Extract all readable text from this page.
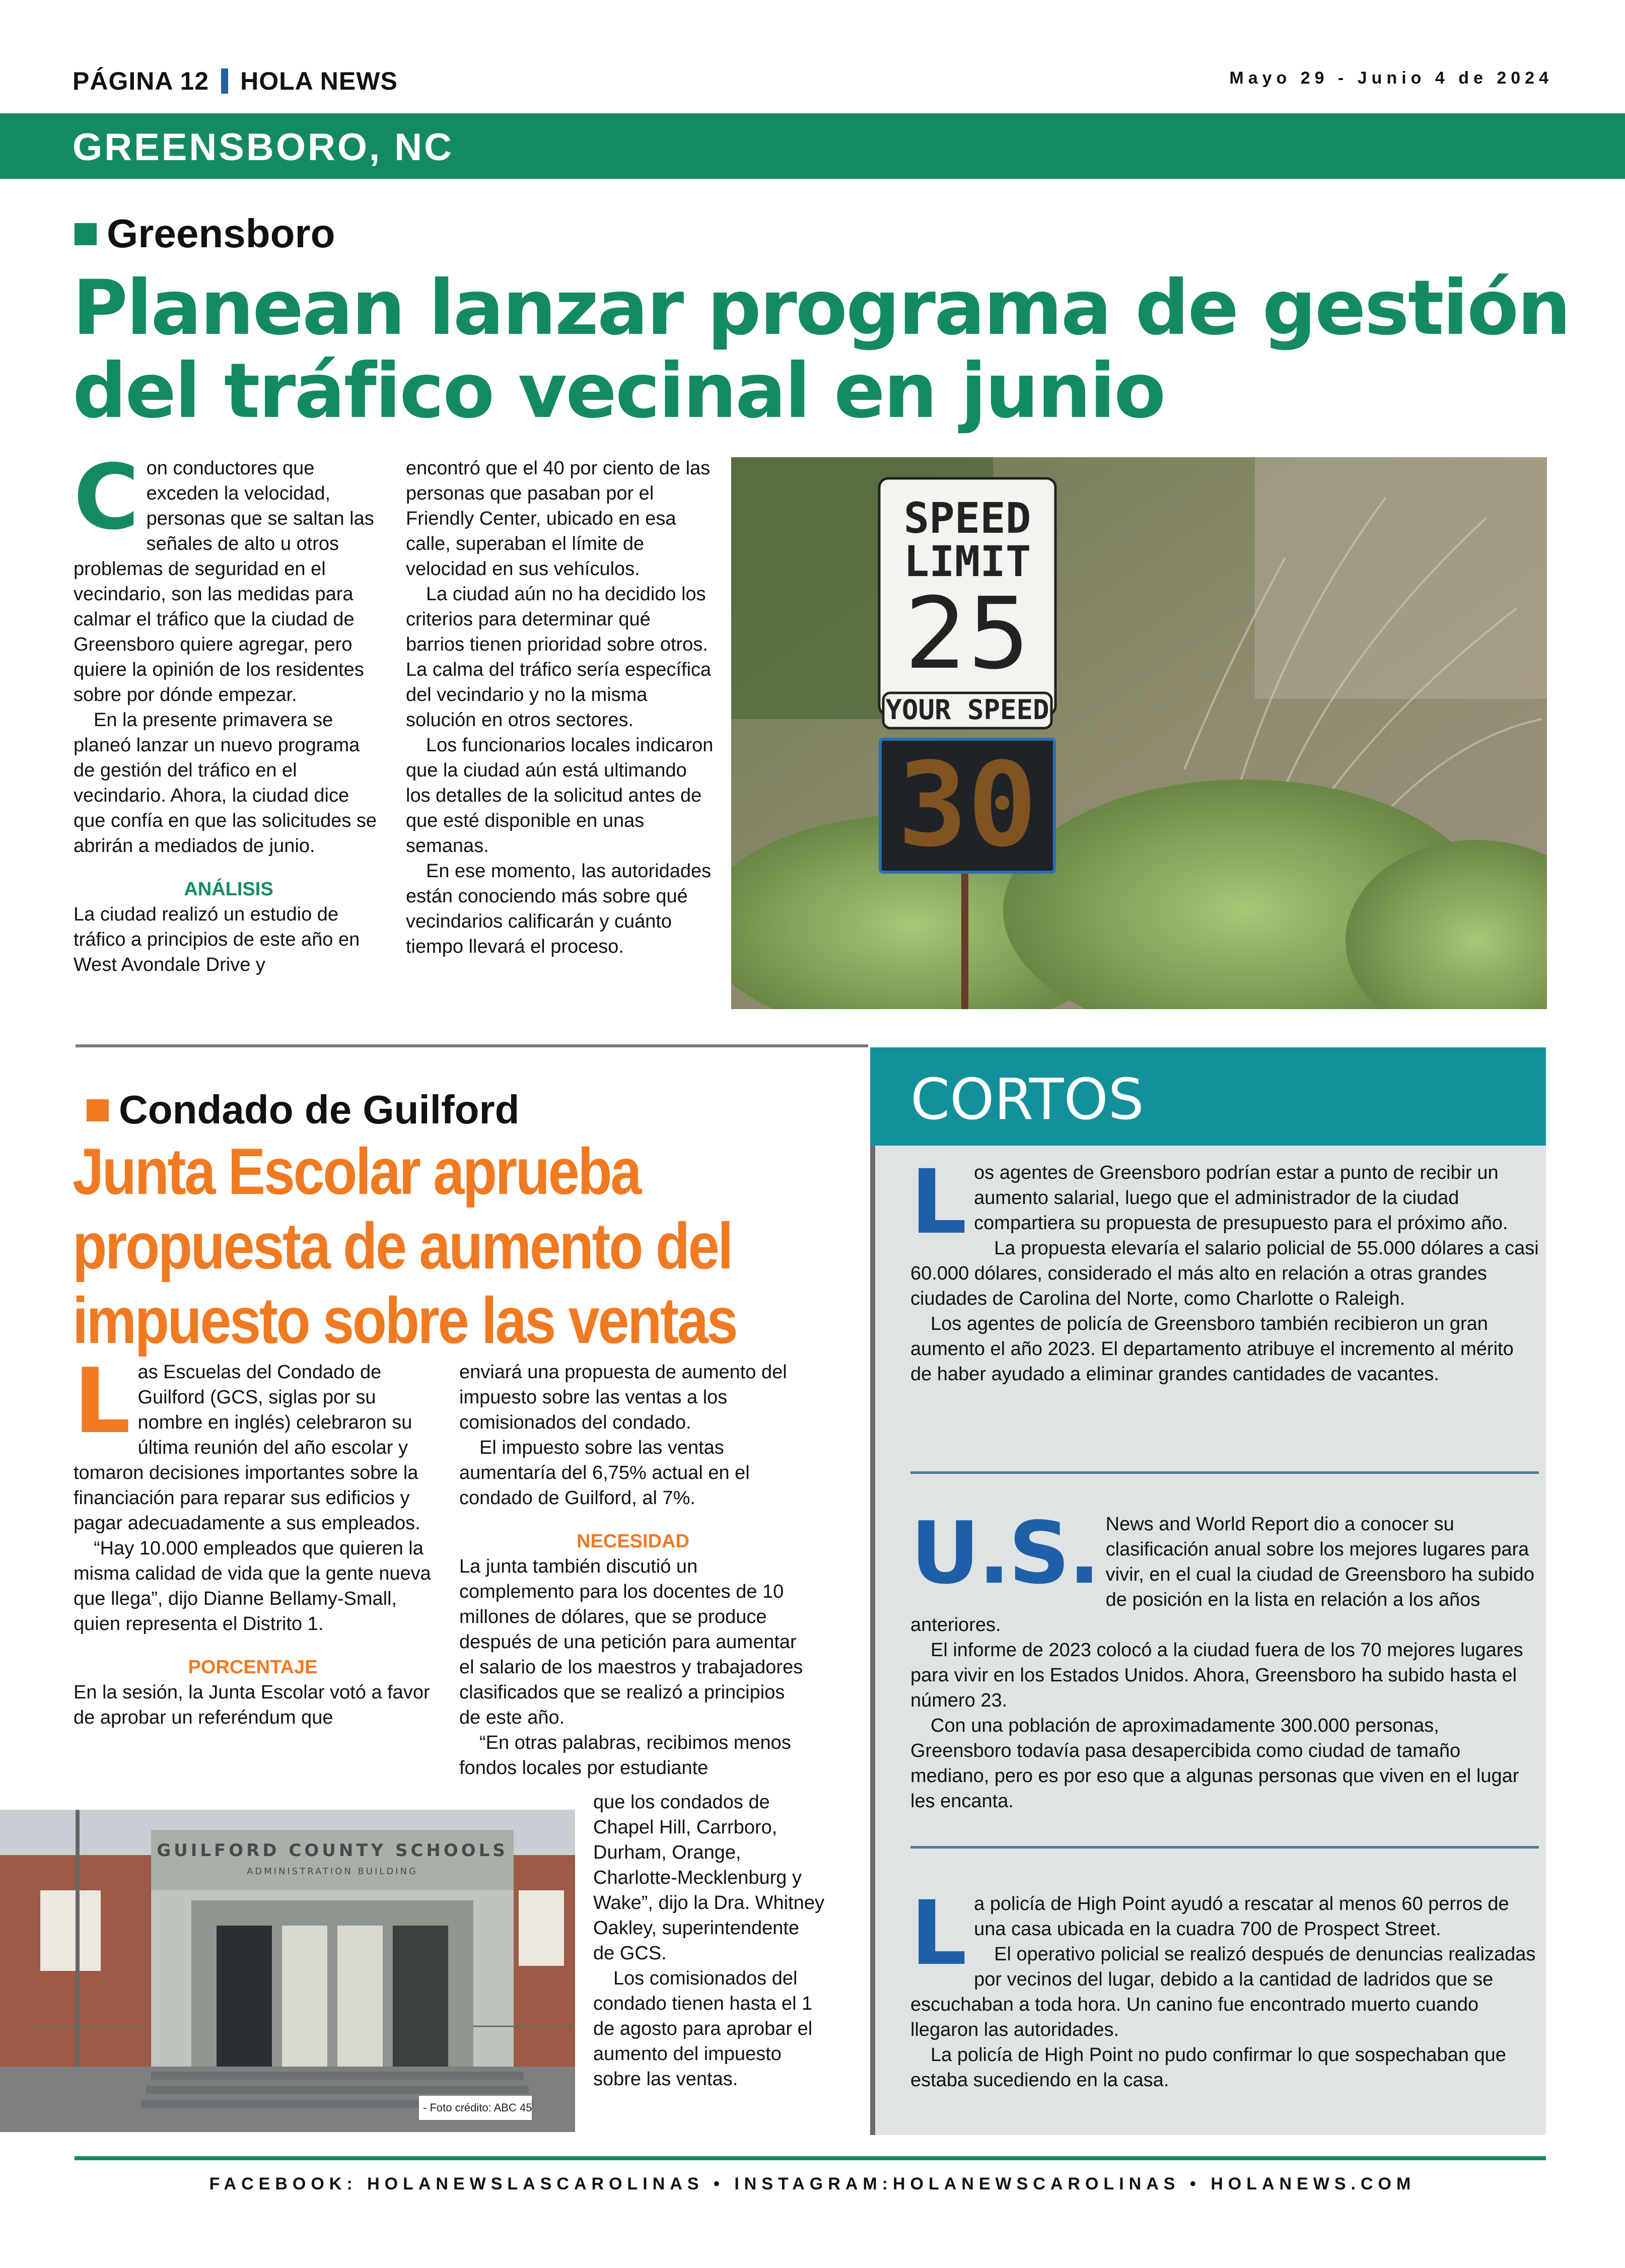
PÁGINA 12 HOLA NEWS	Mayo 29 - Junio 4 de 2024
GREENSBORO, NC
Greensboro
Planean lanzar programa de gestión del tráfico vecinal en junio

Con conductores que exceden la velocidad, personas que se saltan las señales de alto u otros problemas de seguridad en el vecindario, son las medidas para calmar el tráfico que la ciudad de Greensboro quiere agregar, pero quiere la opinión de los residentes sobre por dónde empezar.

En la presente primavera se planeó lanzar un nuevo programa de gestión del tráfico en el vecindario. Ahora, la ciudad dice que confía en que las solicitudes se abrirán a mediados de junio.

ANÁLISIS

La ciudad realizó un estudio de tráfico a principios de este año en West Avondale Drive y

encontró que el 40 por ciento de las personas que pasaban por el Friendly Center, ubicado en esa calle, superaban el límite de velocidad en sus vehículos.

La ciudad aún no ha decidido los criterios para determinar qué barrios tienen prioridad sobre otros. La calma del tráfico sería específica del vecindario y no la misma solución en otros sectores.

Los funcionarios locales indicaron que la ciudad aún está ultimando los detalles de la solicitud antes de que esté disponible en unas semanas.

En ese momento, las autoridades están conociendo más sobre qué vecindarios calificarán y cuánto tiempo llevará el proceso.

SPEED
LIMIT
25
YOUR SPEED
30
Condado de Guilford
Junta Escolar aprueba propuesta de aumento del impuesto sobre las ventas

Las Escuelas del Condado de Guilford (GCS, siglas por su nombre en inglés) celebraron su última reunión del año escolar y tomaron decisiones importantes sobre la financiación para reparar sus edificios y pagar adecuadamente a sus empleados.

“Hay 10.000 empleados que quieren la misma calidad de vida que la gente nueva que llega”, dijo Dianne Bellamy-Small, quien representa el Distrito 1.

PORCENTAJE

En la sesión, la Junta Escolar votó a favor de aprobar un referéndum que

enviará una propuesta de aumento del impuesto sobre las ventas a los comisionados del condado.

El impuesto sobre las ventas aumentaría del 6,75% actual en el condado de Guilford, al 7%.

NECESIDAD

La junta también discutió un complemento para los docentes de 10 millones de dólares, que se produce después de una petición para aumentar el salario de los maestros y trabajadores clasificados que se realizó a principios de este año.

“En otras palabras, recibimos menos fondos locales por estudiante

que los condados de Chapel Hill, Carrboro, Durham, Orange, Charlotte-Mecklenburg y Wake”, dijo la Dra. Whitney Oakley, superintendente de GCS.

Los comisionados del condado tienen hasta el 1 de agosto para aprobar el aumento del impuesto sobre las ventas.

GUILFORD COUNTY SCHOOLS
ADMINISTRATION BUILDING
- Foto crédito: ABC 45
CORTOS

Los agentes de Greensboro podrían estar a punto de recibir un aumento salarial, luego que el administrador de la ciudad compartiera su propuesta de presupuesto para el próximo año.

La propuesta elevaría el salario policial de 55.000 dólares a casi 60.000 dólares, considerado el más alto en relación a otras grandes ciudades de Carolina del Norte, como Charlotte o Raleigh.

Los agentes de policía de Greensboro también recibieron un gran aumento el año 2023. El departamento atribuye el incremento al mérito de haber ayudado a eliminar grandes cantidades de vacantes.

U.S. News and World Report dio a conocer su clasificación anual sobre los mejores lugares para vivir, en el cual la ciudad de Greensboro ha subido de posición en la lista en relación a los años anteriores.

El informe de 2023 colocó a la ciudad fuera de los 70 mejores lugares para vivir en los Estados Unidos. Ahora, Greensboro ha subido hasta el número 23.

Con una población de aproximadamente 300.000 personas, Greensboro todavía pasa desapercibida como ciudad de tamaño mediano, pero es por eso que a algunas personas que viven en el lugar les encanta.

La policía de High Point ayudó a rescatar al menos 60 perros de una casa ubicada en la cuadra 700 de Prospect Street.

El operativo policial se realizó después de denuncias realizadas por vecinos del lugar, debido a la cantidad de ladridos que se escuchaban a toda hora. Un canino fue encontrado muerto cuando llegaron las autoridades.

La policía de High Point no pudo confirmar lo que sospechaban que estaba sucediendo en la casa.

FACEBOOK: HOLANEWSLASCAROLINAS • INSTAGRAM:HOLANEWSCAROLINAS • HOLANEWS.COM
